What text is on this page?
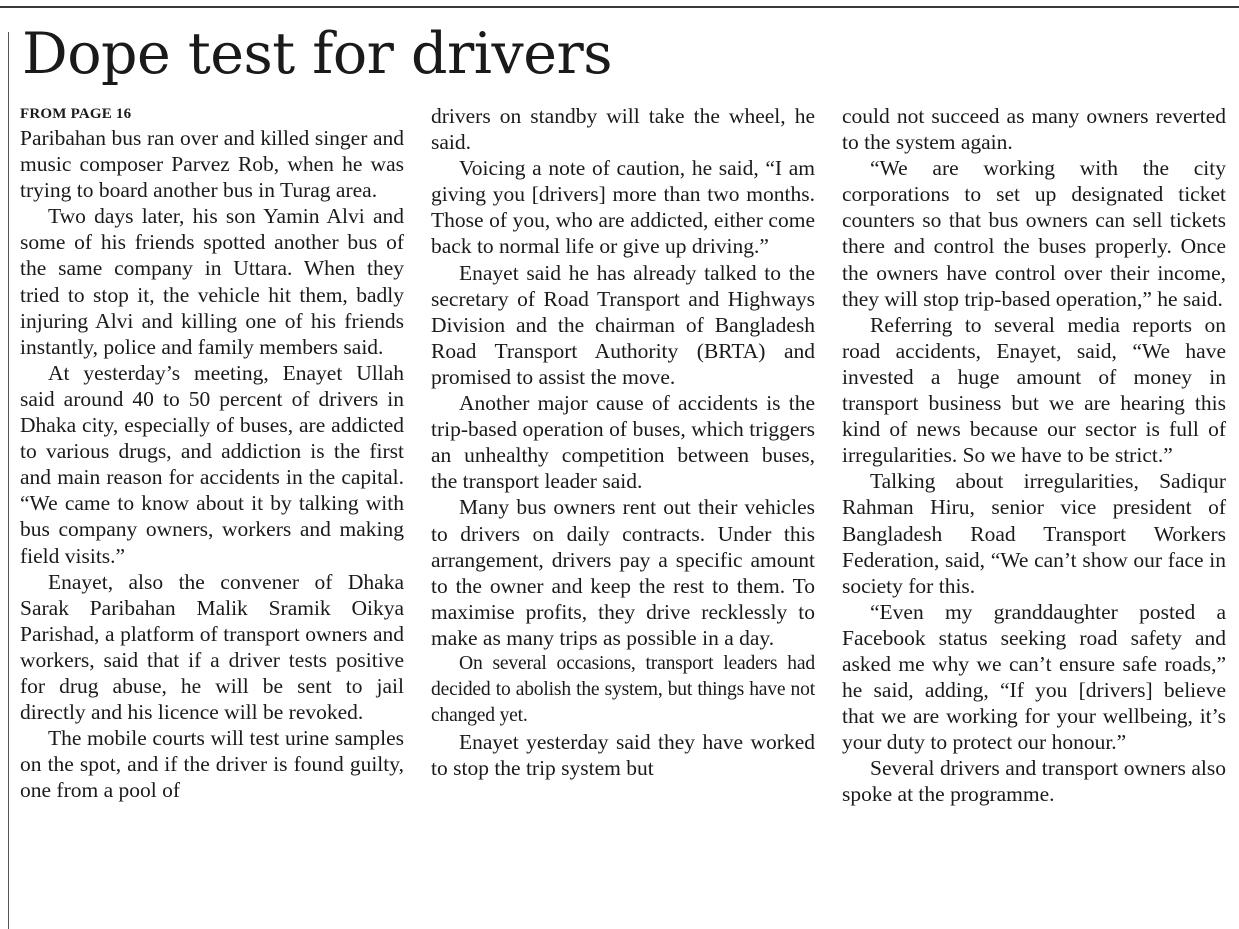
Dope test for drivers
FROM PAGE 16

Paribahan bus ran over and killed singer and music composer Parvez Rob, when he was trying to board another bus in Turag area.

Two days later, his son Yamin Alvi and some of his friends spotted another bus of the same company in Uttara. When they tried to stop it, the vehicle hit them, badly injuring Alvi and killing one of his friends instantly, police and family members said.

At yesterday’s meeting, Enayet Ullah said around 40 to 50 percent of drivers in Dhaka city, especially of buses, are addicted to various drugs, and addiction is the first and main reason for accidents in the capital. “We came to know about it by talking with bus company owners, workers and making field visits.”

Enayet, also the convener of Dhaka Sarak Paribahan Malik Sramik Oikya Parishad, a platform of transport owners and workers, said that if a driver tests positive for drug abuse, he will be sent to jail directly and his licence will be revoked.

The mobile courts will test urine samples on the spot, and if the driver is found guilty, one from a pool of

drivers on standby will take the wheel, he said.

Voicing a note of caution, he said, “I am giving you [drivers] more than two months. Those of you, who are addicted, either come back to normal life or give up driving.”

Enayet said he has already talked to the secretary of Road Transport and Highways Division and the chairman of Bangladesh Road Transport Authority (BRTA) and promised to assist the move.

Another major cause of accidents is the trip-based operation of buses, which triggers an unhealthy competition between buses, the transport leader said.

Many bus owners rent out their vehicles to drivers on daily contracts. Under this arrangement, drivers pay a specific amount to the owner and keep the rest to them. To maximise profits, they drive recklessly to make as many trips as possible in a day.

On several occasions, transport leaders had decided to abolish the system, but things have not changed yet.

Enayet yesterday said they have worked to stop the trip system but

could not succeed as many owners reverted to the system again.

“We are working with the city corporations to set up designated ticket counters so that bus owners can sell tickets there and control the buses properly. Once the owners have control over their income, they will stop trip-based operation,” he said.

Referring to several media reports on road accidents, Enayet, said, “We have invested a huge amount of money in transport business but we are hearing this kind of news because our sector is full of irregularities. So we have to be strict.”

Talking about irregularities, Sadiqur Rahman Hiru, senior vice president of Bangladesh Road Transport Workers Federation, said, “We can’t show our face in society for this.

“Even my granddaughter posted a Facebook status seeking road safety and asked me why we can’t ensure safe roads,” he said, adding, “If you [drivers] believe that we are working for your wellbeing, it’s your duty to protect our honour.”

Several drivers and transport owners also spoke at the programme.
